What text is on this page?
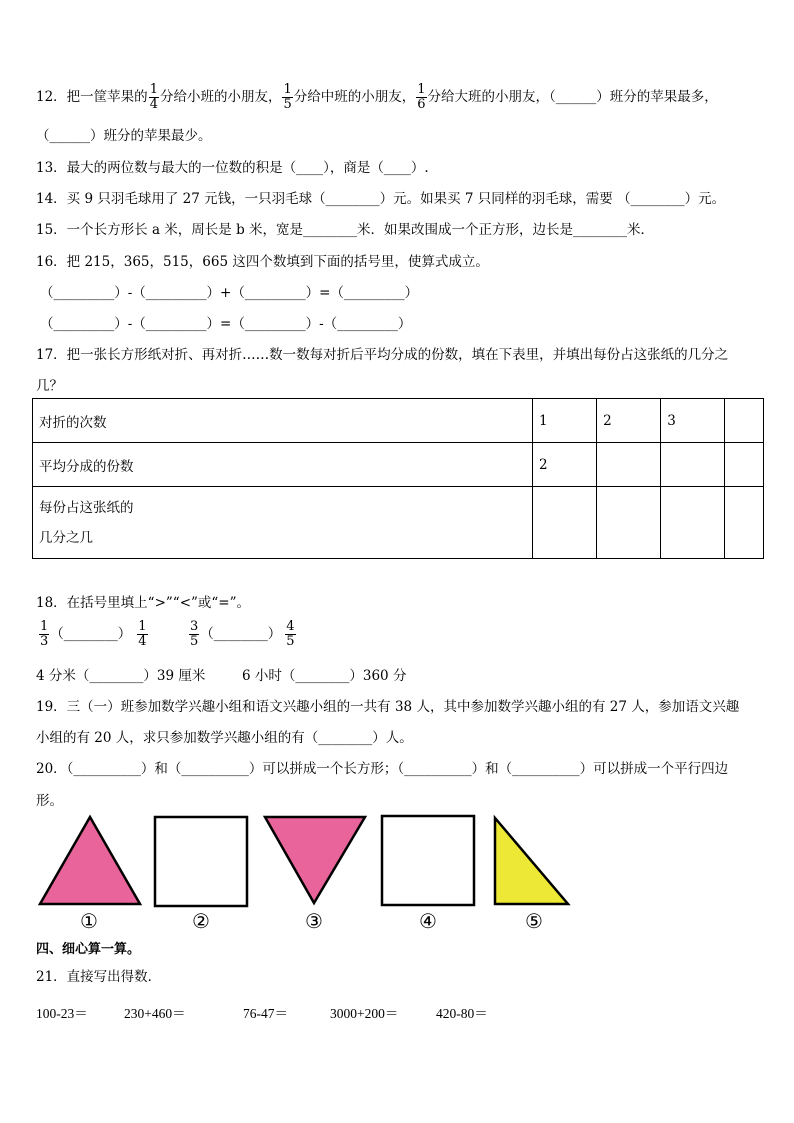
12．把一筐苹果的 $\frac{1}{4}$ 分给小班的小朋友， $\frac{1}{5}$ 分给中班的小朋友， $\frac{1}{6}$ 分给大班的小朋友，（______）班分的苹果最多，
（______）班分的苹果最少。
13．最大的两位数与最大的一位数的积是（____），商是（____）.
14．买 9 只羽毛球用了 27 元钱，一只羽毛球（________）元。如果买 7 只同样的羽毛球，需要 （________）元。
15．一个长方形长 a 米，周长是 b 米，宽是________米．如果改围成一个正方形，边长是________米．
16．把 215，365，515，665 这四个数填到下面的括号里，使算式成立。
（_________）-（_________）+（_________）=（_________）
（_________）-（_________）=（_________）-（_________）
17．把一张长方形纸对折、再对折……数一数每对折后平均分成的份数，填在下表里，并填出每份占这张纸的几分之
几？
对折的次数	1	2	3	
平均分成的份数	2			

每份占这张纸的
几分之几				

18．在括号里填上“>”“<”或“=”。
$\frac{1}{3}$ （________） $\frac{1}{4}$	$\frac{3}{5}$ （________） $\frac{4}{5}$
4 分米（________）39 厘米	6 小时（________）360 分
19．三（一）班参加数学兴趣小组和语文兴趣小组的一共有 38 人，其中参加数学兴趣小组的有 27 人，参加语文兴趣
小组的有 20 人，求只参加数学兴趣小组的有（________）人。
20．（__________）和（__________）可以拼成一个长方形；（__________）和（__________）可以拼成一个平行四边
形。
①	②	③	④	⑤
四、细心算一算。
21．直接写出得数．
100-23＝	230+460＝	76-47＝	3000+200＝	420-80＝
